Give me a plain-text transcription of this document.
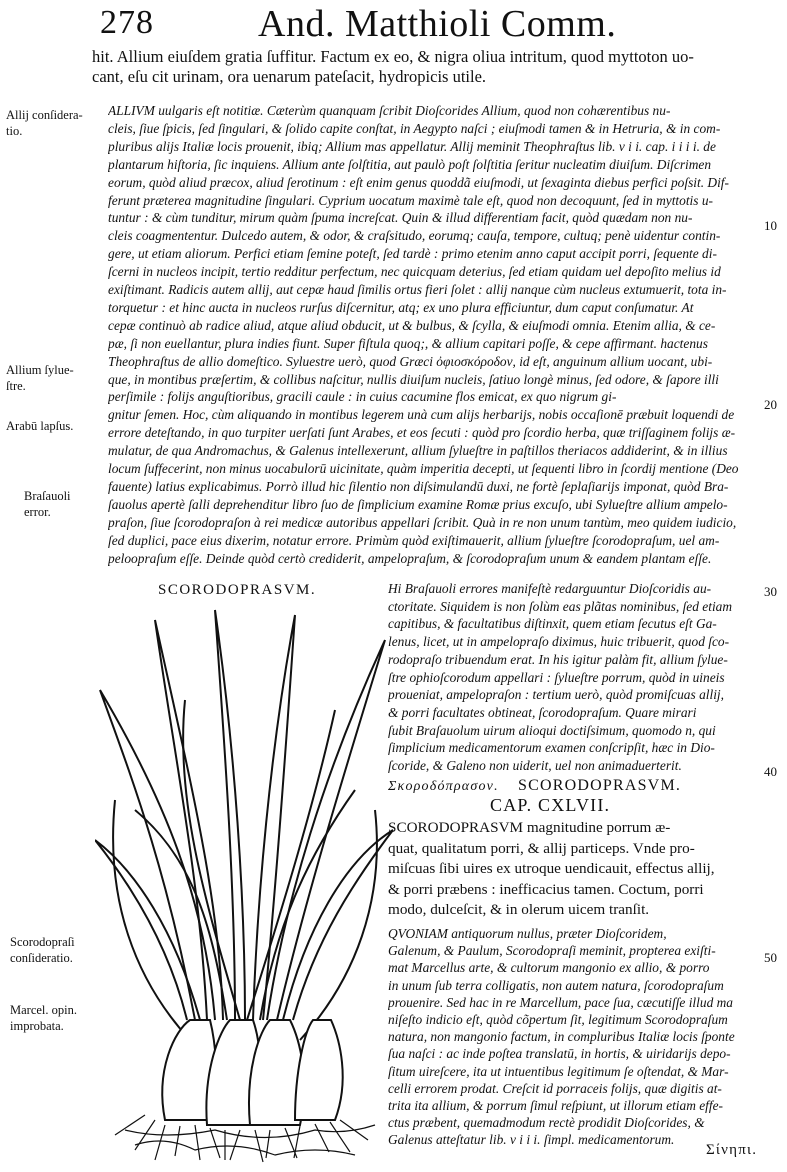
278	And. Matthioli Comm.
hit. Allium eiuſdem gratia ſuffitur. Factum ex eo, & nigra oliua intritum, quod myttoton uo-
cant, eſu cit urinam, ora uenarum pateſacit, hydropicis utile.
ALLIVM uulgaris eſt notitiæ. Cæterùm quanquam ſcribit Dioſcorides Allium, quod non cohærentibus nu-
cleis, ſiue ſpicis, ſed ſingulari, & ſolido capite conſtat, in Aegypto naſci ; eiuſmodi tamen & in Hetruria, & in com-
pluribus alijs Italiæ locis prouenit, ibiq; Allium mas appellatur. Allij meminit Theophraſtus lib. v i i. cap. i i i i. de
plantarum hiſtoria, ſic inquiens. Allium ante ſolſtitia, aut paulò poſt ſolſtitia ſeritur nucleatim diuiſum. Diſcrimen
eorum, quòd aliud præcox, aliud ſerotinum : eſt enim genus quoddã eiuſmodi, ut ſexaginta diebus perfici poſsit. Dif-
ferunt præterea magnitudine ſingulari. Cyprium uocatum maximè tale eſt, quod non decoquunt, ſed in myttotis u-
tuntur : & cùm tunditur, mirum quàm ſpuma increſcat. Quin & illud differentiam facit, quòd quædam non nu-
cleis coagmententur. Dulcedo autem, & odor, & craſsitudo, eorumq; cauſa, tempore, cultuq; penè uidentur contin-
gere, ut etiam aliorum. Perfici etiam ſemine poteſt, ſed tardè : primo etenim anno caput accipit porri, ſequente di-
ſcerni in nucleos incipit, tertio redditur perfectum, nec quicquam deterius, ſed etiam quidam uel depoſito melius id
exiſtimant. Radicis autem allij, aut cepæ haud ſimilis ortus fieri ſolet : allij nanque cùm nucleus extumuerit, tota in-
torquetur : et hinc aucta in nucleos rurſus diſcernitur, atq; ex uno plura efficiuntur, dum caput conſumatur. At
cepæ continuò ab radice aliud, atque aliud obducit, ut & bulbus, & ſcylla, & eiuſmodi omnia. Etenim allia, & ce-
pæ, ſi non euellantur, plura indies fiunt. Super fiſtula quoq;, & allium capitari poſſe, & cepe affirmant. hactenus
Theophraſtus de allio domeſtico. Syluestre uerò, quod Græci ὀφιοσκόροδον, id eſt, anguinum allium uocant, ubi-
que, in montibus præſertim, & collibus naſcitur, nullis diuiſum nucleis, ſatiuo longè minus, ſed odore, & ſapore illi
perſimile : folijs anguſtioribus, gracili caule : in cuius cacumine flos emicat, ex quo nigrum gi-
gnitur ſemen. Hoc, cùm aliquando in montibus legerem unà cum alijs herbarijs, nobis occaſionē præbuit loquendi de
errore deteſtando, in quo turpiter uerſati ſunt Arabes, et eos ſecuti : quòd pro ſcordio herba, quæ triſſaginem folijs æ-
mulatur, de qua Andromachus, & Galenus intellexerunt, allium ſylueſtre in paſtillos theriacos addiderint, & in illius
locum ſuffecerint, non minus uocabulorū uicinitate, quàm imperitia decepti, ut ſequenti libro in ſcordij mentione (Deo
fauente) latius explicabimus. Porrò illud hic ſilentio non diſsimulandū duxi, ne fortè ſeplaſiarijs imponat, quòd Bra-
ſauolus apertè ſalli deprehenditur libro ſuo de ſimplicium examine Romæ prius excuſo, ubi Sylueſtre allium ampelo-
praſon, ſiue ſcorodopraſon à rei medicæ autoribus appellari ſcribit. Quà in re non unum tantùm, meo quidem iudicio,
ſed duplici, pace eius dixerim, notatur errore. Primùm quòd exiſtimauerit, allium ſylueſtre ſcorodopraſum, uel am-
peloopraſum eſſe. Deinde quòd certò crediderit, ampelopraſum, & ſcorodopraſum unum & eandem plantam eſſe.
Hi Braſauoli errores manifeſtè redarguuntur Dioſcoridis au-
ctoritate. Siquidem is non ſolùm eas plãtas nominibus, ſed etiam
capitibus, & facultatibus diſtinxit, quem etiam ſecutus eſt Ga-
lenus, licet, ut in ampelopraſo diximus, huic tribuerit, quod ſco-
rodopraſo tribuendum erat. In his igitur palàm fit, allium ſylue-
ſtre ophioſcorodum appellari : ſylueſtre porrum, quòd in uineis
proueniat, ampelopraſon : tertium uerò, quòd promiſcuas allij,
& porri facultates obtineat, ſcorodopraſum. Quare mirari
ſubit Braſauolum uirum alioqui doctiſsimum, quomodo n, qui
ſimplicium medicamentorum examen conſcripſit, hæc in Dio-
ſcoride, & Galeno non uiderit, uel non animaduerterit.
Σκοροδόπρασον. SCORODOPRASVM.
CAP. CXLVII.
SCORODOPRASVM magnitudine porrum æ-
quat, qualitatum porri, & allij particeps. Vnde pro-
miſcuas ſibi uires ex utroque uendicauit, effectus allij,
& porri præbens : inefficacius tamen. Coctum, porri
modo, dulceſcit, & in olerum uicem tranſit.
QVONIAM antiquorum nullus, præter Dioſcoridem,
Galenum, & Paulum, Scorodopraſi meminit, propterea exiſti-
mat Marcellus arte, & cultorum mangonio ex allio, & porro
in unum ſub terra colligatis, non autem natura, ſcorodopraſum
prouenire. Sed hac in re Marcellum, pace ſua, cæcutiſſe illud ma
niſeſto indicio eſt, quòd cõpertum ſit, legitimum Scorodopraſum
natura, non mangonio factum, in compluribus Italiæ locis ſponte
ſua naſci : ac inde poſtea translatū, in hortis, & uiridarijs depo-
ſitum uireſcere, ita ut intuentibus legitimum ſe oſtendat, & Mar-
celli errorem prodat. Creſcit id porraceis folijs, quæ digitis at-
trita ita allium, & porrum ſimul reſpiunt, ut illorum etiam effe-
ctus præbent, quemadmodum rectè prodidit Dioſcorides, &
Galenus atteſtatur lib. v i i i. ſimpl. medicamentorum.
Σίνηπι.
SCORODOPRASVM.
Allij conſidera-
tio.
Allium ſylue-
ſtre.
Arabū lapſus.
Braſauoli
error.
Scorodopraſi
conſideratio.
Marcel. opin.
improbata.
10
20
30
40
50
